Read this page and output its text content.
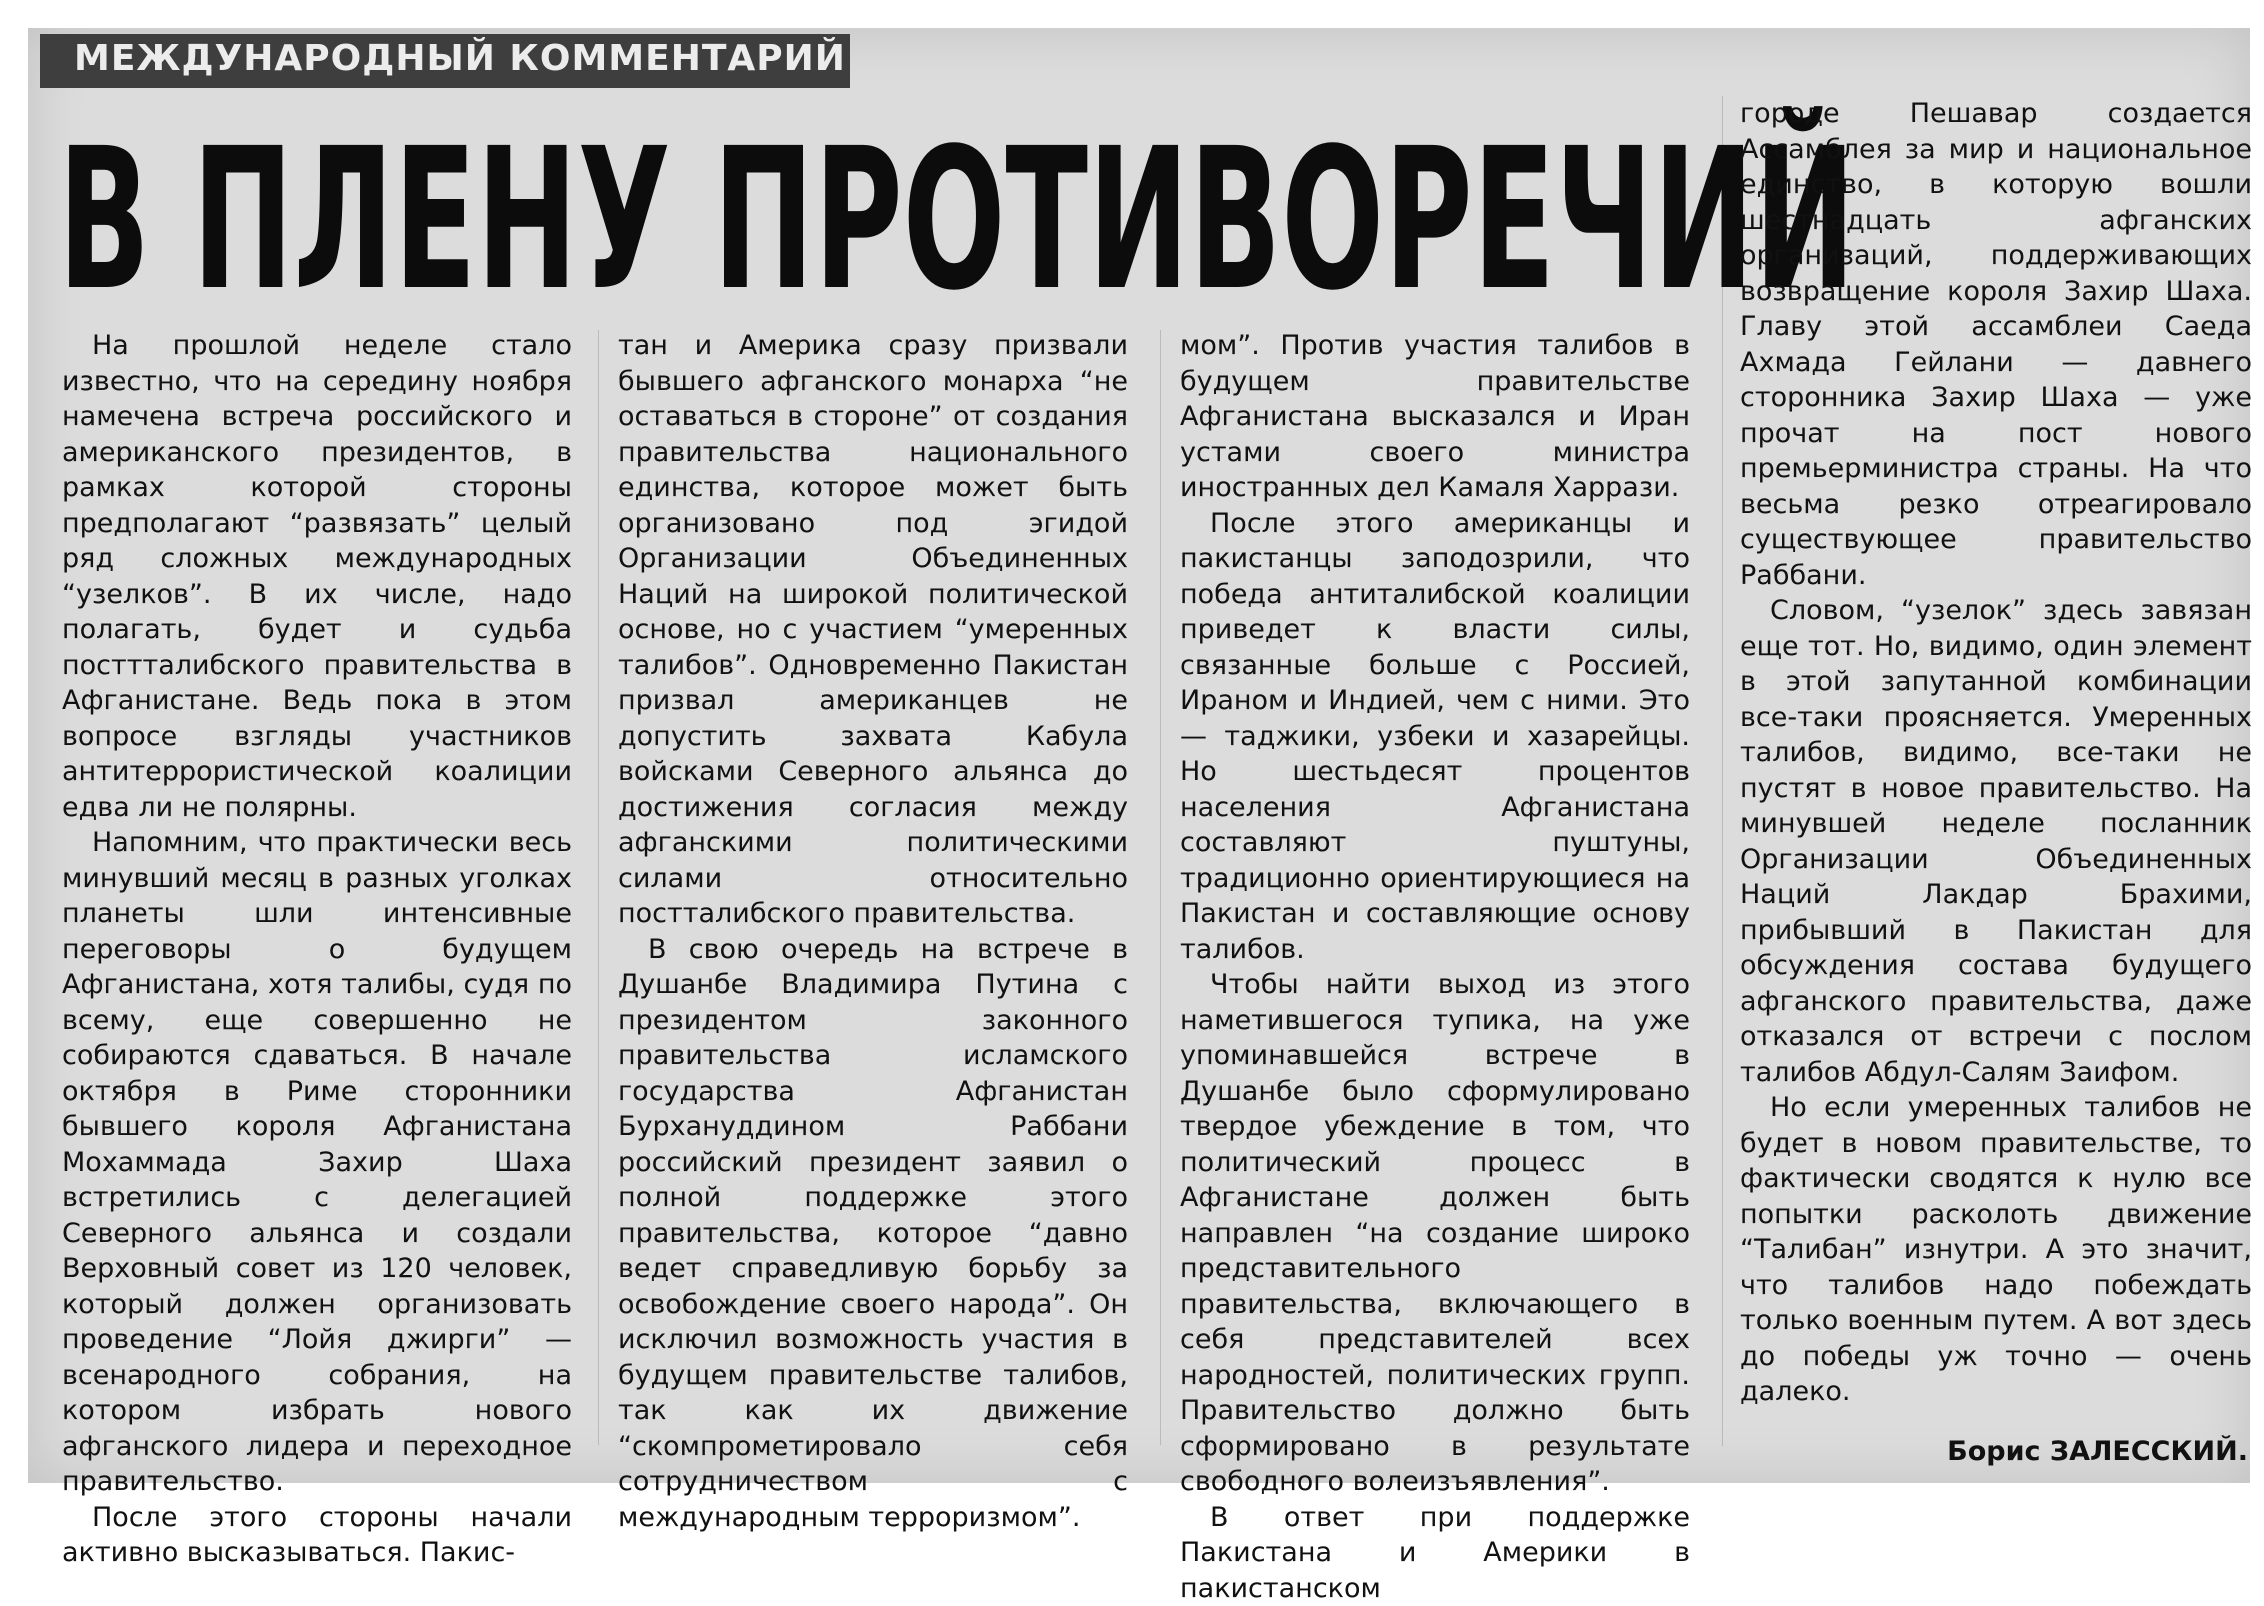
МЕЖДУНАРОДНЫЙ КОММЕНТАРИЙ
В ПЛЕНУ ПРОТИВОРЕЧИЙ

На прошлой неделе стало известно, что на середину ноября намечена встреча российского и американского президентов, в рамках которой стороны предполагают “развязать” целый ряд сложных международных “узелков”. В их числе, надо полагать, будет и судьба посттталибского правительства в Афганистане. Ведь пока в этом вопросе взгляды участников антитеррористической коалиции едва ли не полярны.

Напомним, что практически весь минувший месяц в разных уголках планеты шли интенсивные переговоры о будущем Афганистана, хотя талибы, судя по всему, еще совершенно не собираются сдаваться. В начале октября в Риме сторонники бывшего короля Афганистана Мохаммада Захир Шаха встретились с делегацией Северного альянса и создали Верховный совет из 120 человек, который должен организовать проведение “Лойя джирги” — всенародного собрания, на котором избрать нового афганского лидера и переходное правительство.

После этого стороны начали активно высказываться. Пакис-

тан и Америка сразу призвали бывшего афганского монарха “не оставаться в стороне” от создания правительства национального единства, которое может быть организовано под эгидой Организации Объединенных Наций на широкой политической основе, но с участием “умеренных талибов”. Одновременно Пакистан призвал американцев не допустить захвата Кабула войсками Северного альянса до достижения согласия между афганскими политическими силами относительно постталибского правительства.

В свою очередь на встрече в Душанбе Владимира Путина с президентом законного правительства исламского государства Афганистан Бурхануддином Раббани российский президент заявил о полной поддержке этого правительства, которое “давно ведет справедливую борьбу за освобождение своего народа”. Он исключил возможность участия в будущем правительстве талибов, так как их движение “скомпрометировало себя сотрудничеством с международным терроризмом”.

мом”. Против участия талибов в будущем правительстве Афганистана высказался и Иран устами своего министра иностранных дел Камаля Харрази.

После этого американцы и пакистанцы заподозрили, что победа антиталибской коалиции приведет к власти силы, связанные больше с Россией, Ираном и Индией, чем с ними. Это — таджики, узбеки и хазарейцы. Но шестьдесят процентов населения Афганистана составляют пуштуны, традиционно ориентирующиеся на Пакистан и составляющие основу талибов.

Чтобы найти выход из этого наметившегося тупика, на уже упоминавшейся встрече в Душанбе было сформулировано твердое убеждение в том, что политический процесс в Афганистане должен быть направлен “на создание широко представительного правительства, включающего в себя представителей всех народностей, политических групп. Правительство должно быть сформировано в результате свободного волеизъявления”.

В ответ при поддержке Пакистана и Америки в пакистанском

городе Пешавар создается Ассамблея за мир и национальное единство, в которую вошли шестнадцать афганских организаций, поддерживающих возвращение короля Захир Шаха. Главу этой ассамблеи Саеда Ахмада Гейлани — давнего сторонника Захир Шаха — уже прочат на пост нового премьерминистра страны. На что весьма резко отреагировало существующее правительство Раббани.

Словом, “узелок” здесь завязан еще тот. Но, видимо, один элемент в этой запутанной комбинации все-таки проясняется. Умеренных талибов, видимо, все-таки не пустят в новое правительство. На минувшей неделе посланник Организации Объединенных Наций Лакдар Брахими, прибывший в Пакистан для обсуждения состава будущего афганского правительства, даже отказался от встречи с послом талибов Абдул-Салям Заифом.

Но если умеренных талибов не будет в новом правительстве, то фактически сводятся к нулю все попытки расколоть движение “Талибан” изнутри. А это значит, что талибов надо побеждать только военным путем. А вот здесь до победы уж точно — очень далеко.

Борис ЗАЛЕССКИЙ.
